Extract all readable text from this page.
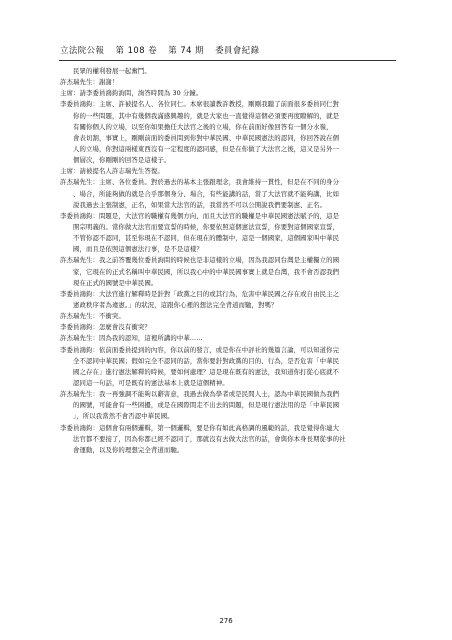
立法院公報 第 108 卷 第 74 期 委員會紀錄
民眾的權利發展一起奮鬥。
許杰瑞先生：謝謝！
主席：請李委員鴻鈞詢問，詢答時間為 30 分鐘。
李委員鴻鈞：主席、許被提名人、各位同仁。本席很讀教許教授，剛剛我聽了前面很多委員同仁對
你的一些問題，其中有幾個我滿感興趣的，就是大家也一直覺得這個必須要再度瞭解的，就是
有關你個人的立場，以至你如果擔任大法官之後的立場，你在前面好像回答有一個分水嶺，
會表切割，事實上，剛剛前面的委員問到你對中華民國、中華民國憲法的認同，你回答說在個
人的立場，你對這兩樣東西沒有一定程度的認同感，但是在你做了大法官之後，這又是另外一
個層次，你剛剛的回答是這樣子。
主席：請被提名人許志瑞先生答復。
許杰瑞先生：主席、各位委員。對於過去的基本主張跟理念，我會維持一貫性，但是在不同的身分
、場合，所能夠做的就是合乎那個身分、場合，有些能講的話，當了大法官就不能夠講，比如
說我過去主張制憲，正名，如果當大法官的話，我當然不可以公開說我們要制憲、正名。
李委員鴻鈞：問題是，大法官的職權有幾個方向，而且大法官的職權是中華民國憲法賦予的，這是
開宗明義的。當你做大法官而要宣誓的時候，你要依照這個憲法宣誓，你要對這個國家宣誓，
不管你認不認同，甚至你現在不認同，但在現在的體制中，這是一個國家，這個國家叫中華民
國，而且是依照這個憲法行事，是不是這樣？
許杰瑞先生：我之前答覆幾位委員詢問的時候也是非這樣的立場，因為我認同台灣是主權獨立的國
家，它現在的正式名稱叫中華民國，所以我心中的中華民國事實上就是台灣，我不會否認我們
現在正式的國號是中華民國。
李委員鴻鈞：大法官進行解釋時是針對「政黨之目的或其行為，危害中華民國之存在或自由民主之
憲政秩序者為違憲。」的狀況，這跟你心裡的想法完全背道而馳，對嗎？
許杰瑞先生：不衝突。
李委員鴻鈞：怎麼會沒有衝突？
許杰瑞先生：因為我的認知，這裡所講的中華……
李委員鴻鈞：依前面委員提到的內容，你以前的發言，或是你在中評社的幾篇言論，可以知道你完
全不認同中華民國；假如完全不認同的話，當你要針對政黨的目的、行為，是否危害「中華民
國之存在」進行憲法解釋的時候，要如何處理？這是現在既有的憲法，我知道你打從心底就不
認同這一句話，可是既有的憲法基本上就是這個精神。
許杰瑞先生：我一再強調不能夠以辭害意，我過去做為學者或是民間人士，認為中華民國做為我們
的國號，可能會有一些困擾，或是在國際間走不出去的問題，但是現行憲法用的是「中華民國
」，所以我當然不會否認中華民國。
李委員鴻鈞：這個會有兩個邏輯，第一個邏輯，要是你有如此高格調的風範的話，我是覺得你連大
法官都不要接了，因為你都已經不認同了，那就沒有去做大法官的話，會與你本身長期從事的社
會運動，以及你的理想完全背道而馳。
276
